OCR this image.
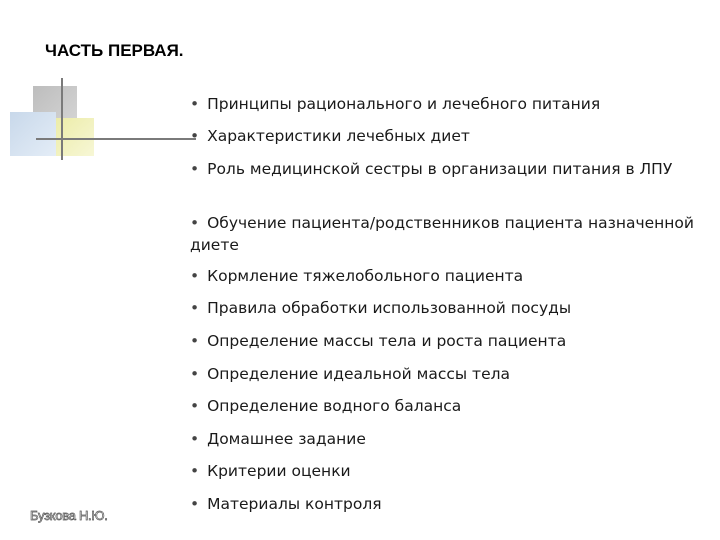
ЧАСТЬ ПЕРВАЯ.
• Принципы рационального и лечебного питания
• Характеристики лечебных диет
• Роль медицинской сестры в организации питания в ЛПУ
• Обучение пациента/родственников пациента назначенной диете
• Кормление тяжелобольного пациента
• Правила обработки использованной посуды
• Определение массы тела и роста пациента
• Определение идеальной массы тела
• Определение водного баланса
• Домашнее задание
• Критерии оценки
• Материалы контроля
Бузкова Н.Ю.
